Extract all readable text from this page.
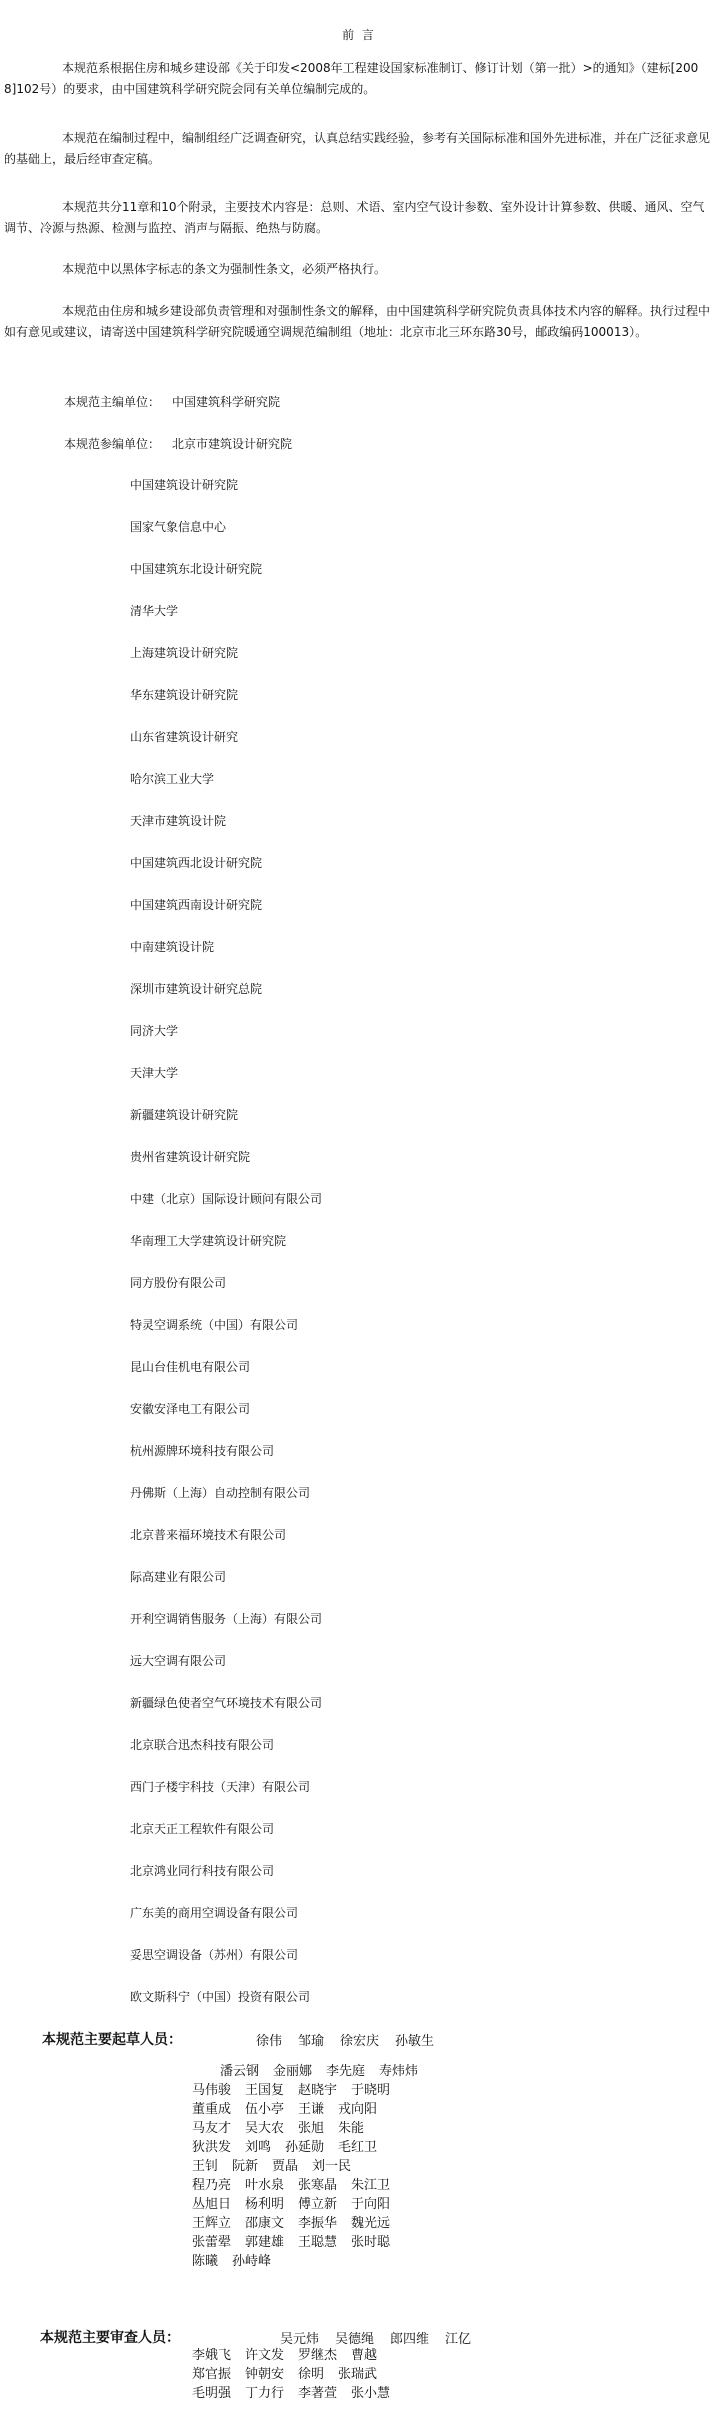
前 言

本规范系根据住房和城乡建设部《关于印发<2008年工程建设国家标准制订、修订计划（第一批）>的通知》（建标[2008]102号）的要求，由中国建筑科学研究院会同有关单位编制完成的。

本规范在编制过程中，编制组经广泛调查研究，认真总结实践经验，参考有关国际标准和国外先进标准，并在广泛征求意见的基础上，最后经审查定稿。

本规范共分11章和10个附录，主要技术内容是：总则、术语、室内空气设计参数、室外设计计算参数、供暖、通风、空气调节、冷源与热源、检测与监控、消声与隔振、绝热与防腐。

本规范中以黑体字标志的条文为强制性条文，必须严格执行。

本规范由住房和城乡建设部负责管理和对强制性条文的解释，由中国建筑科学研究院负责具体技术内容的解释。执行过程中如有意见或建议，请寄送中国建筑科学研究院暖通空调规范编制组（地址：北京市北三环东路30号，邮政编码100013）。

本规范主编单位： 中国建筑科学研究院
本规范参编单位： 北京市建筑设计研究院
中国建筑设计研究院
国家气象信息中心
中国建筑东北设计研究院
清华大学
上海建筑设计研究院
华东建筑设计研究院
山东省建筑设计研究
哈尔滨工业大学
天津市建筑设计院
中国建筑西北设计研究院
中国建筑西南设计研究院
中南建筑设计院
深圳市建筑设计研究总院
同济大学
天津大学
新疆建筑设计研究院
贵州省建筑设计研究院
中建（北京）国际设计顾问有限公司
华南理工大学建筑设计研究院
同方股份有限公司
特灵空调系统（中国）有限公司
昆山台佳机电有限公司
安徽安泽电工有限公司
杭州源牌环境科技有限公司
丹佛斯（上海）自动控制有限公司
北京普来福环境技术有限公司
际高建业有限公司
开利空调销售服务（上海）有限公司
远大空调有限公司
新疆绿色使者空气环境技术有限公司
北京联合迅杰科技有限公司
西门子楼宇科技（天津）有限公司
北京天正工程软件有限公司
北京鸿业同行科技有限公司
广东美的商用空调设备有限公司
妥思空调设备（苏州）有限公司
欧文斯科宁（中国）投资有限公司
本规范主要起草人员：	徐伟 邹瑜 徐宏庆 孙敏生
潘云钢 金丽娜 李先庭 寿炜炜
马伟骏 王国复 赵晓宇 于晓明
董重成 伍小亭 王谦 戎向阳
马友才 吴大农 张旭 朱能
狄洪发 刘鸣 孙延勋 毛红卫
王钊 阮新 贾晶 刘一民
程乃亮 叶水泉 张寒晶 朱江卫
丛旭日 杨利明 傅立新 于向阳
王辉立 邵康文 李振华 魏光远
张蕾翚 郭建雄 王聪慧 张时聪
陈曦 孙峙峰
本规范主要审查人员：	吴元炜 吴德绳 郎四维 江亿
李娥飞 许文发 罗继杰 曹越
郑官振 钟朝安 徐明 张瑞武
毛明强 丁力行 李著萱 张小慧
